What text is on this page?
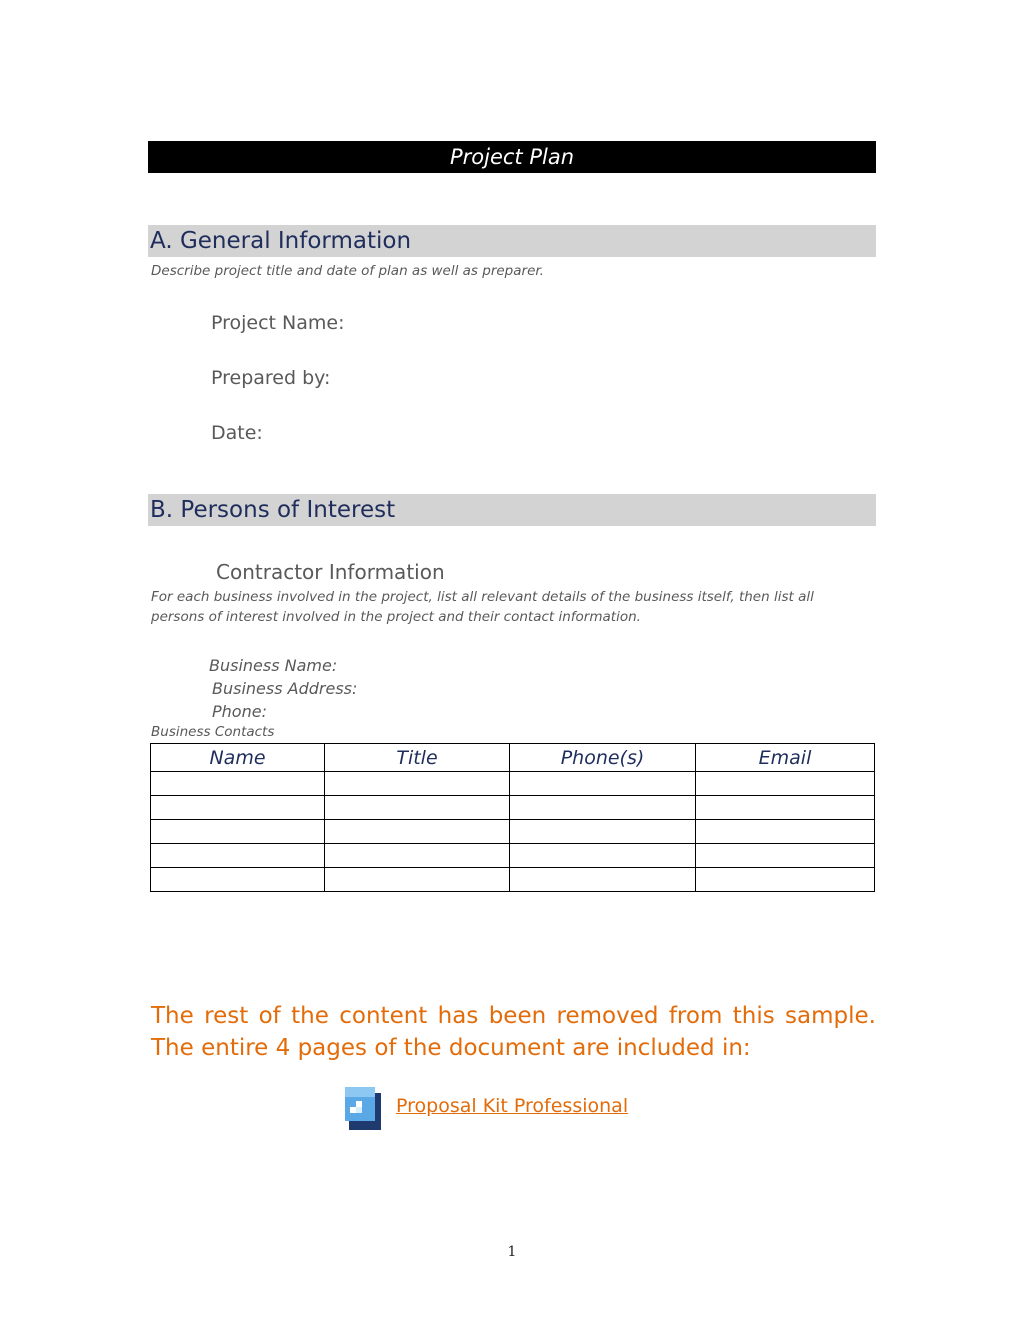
Project Plan
A. General Information
Describe project title and date of plan as well as preparer.
Project Name:
Prepared by:
Date:
B. Persons of Interest
Contractor Information
For each business involved in the project, list all relevant details of the business itself, then list all persons of interest involved in the project and their contact information.
Business Name:
Business Address:
Phone:
Business Contacts
Name	Title	Phone(s)	Email

The rest of the content has been removed from this sample. The entire 4 pages of the document are included in:
Proposal Kit Professional
1
